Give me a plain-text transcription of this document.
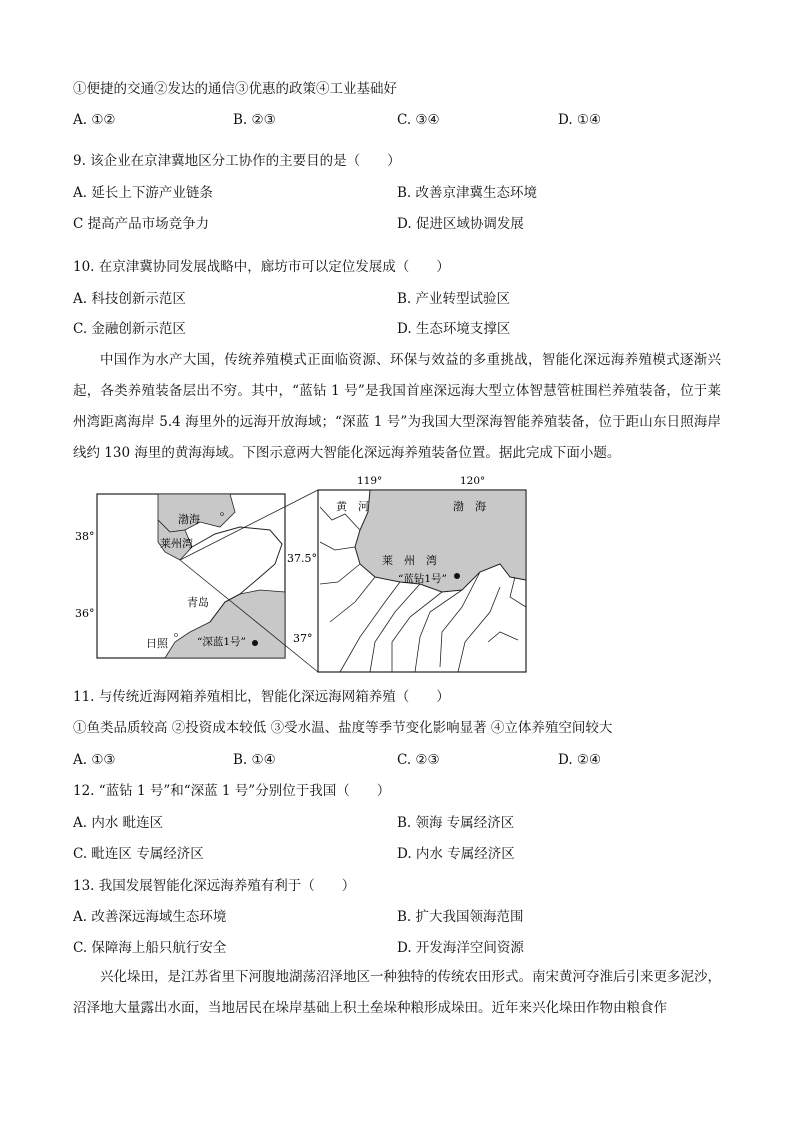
①便捷的交通②发达的通信③优惠的政策④工业基础好
A. ①②	B. ②③	C. ③④	D. ①④
9. 该企业在京津冀地区分工协作的主要目的是（　　）
A. 延长上下游产业链条	B. 改善京津冀生态环境
C 提高产品市场竞争力	D. 促进区域协调发展
10. 在京津冀协同发展战略中，廊坊市可以定位发展成（　　）
A. 科技创新示范区	B. 产业转型试验区
C. 金融创新示范区	D. 生态环境支撑区
中国作为水产大国，传统养殖模式正面临资源、环保与效益的多重挑战，智能化深远海养殖模式逐渐兴起，各类养殖装备层出不穷。其中，“蓝钻 1 号”是我国首座深远海大型立体智慧管桩围栏养殖装备，位于莱州湾距离海岸 5.4 海里外的远海开放海域；“深蓝 1 号”为我国大型深海智能养殖装备，位于距山东日照海岸线约 130 海里的黄海海域。下图示意两大智能化深远海养殖装备位置。据此完成下面小题。
渤海
莱州湾
青岛
日照	“深蓝1号”
38°
36°
119°	120°
黄　河	渤　海
莱　州　湾
“蓝钻1号”
37.5°
37°
11. 与传统近海网箱养殖相比，智能化深远海网箱养殖（　　）
①鱼类品质较高 ②投资成本较低 ③受水温、盐度等季节变化影响显著 ④立体养殖空间较大
A. ①③	B. ①④	C. ②③	D. ②④
12. “蓝钻 1 号”和“深蓝 1 号”分别位于我国（　　）
A. 内水 毗连区	B. 领海 专属经济区
C. 毗连区 专属经济区	D. 内水 专属经济区
13. 我国发展智能化深远海养殖有利于（　　）
A. 改善深远海域生态环境	B. 扩大我国领海范围
C. 保障海上船只航行安全	D. 开发海洋空间资源
兴化垛田，是江苏省里下河腹地湖荡沼泽地区一种独特的传统农田形式。南宋黄河夺淮后引来更多泥沙，沼泽地大量露出水面，当地居民在垛岸基础上积土垒垛种粮形成垛田。近年来兴化垛田作物由粮食作
